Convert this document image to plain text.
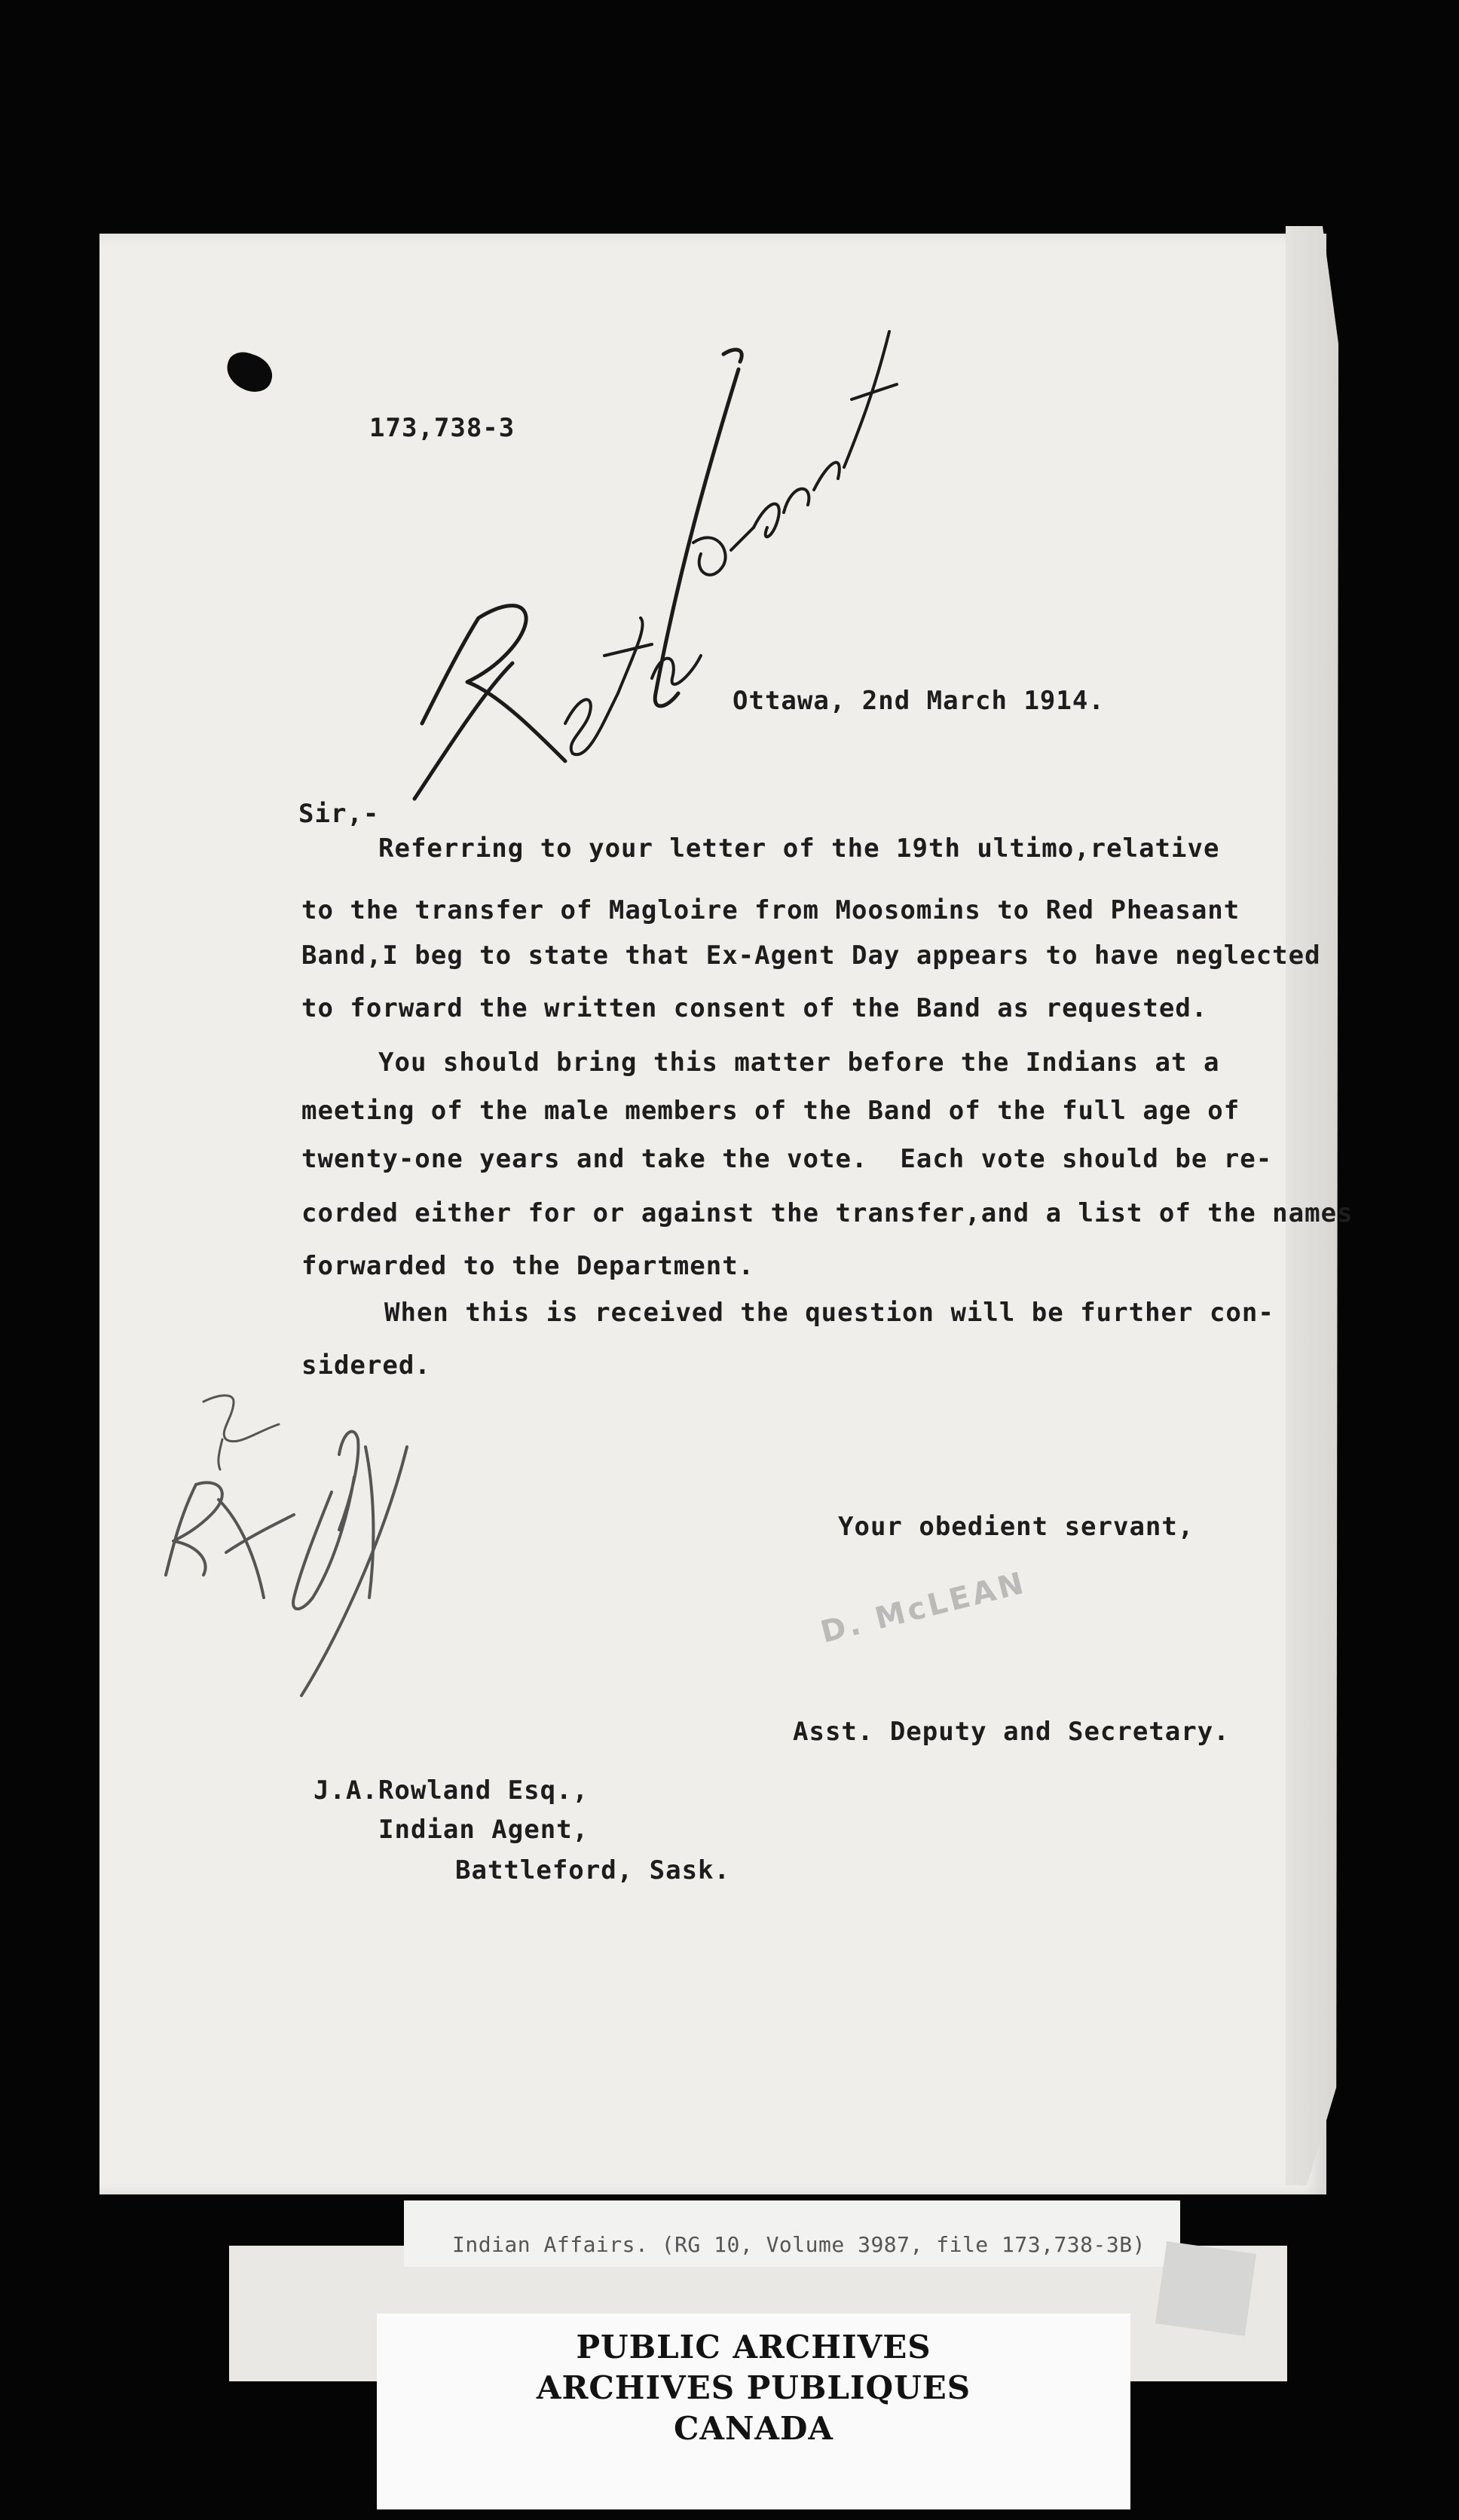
173,738-3
Ottawa, 2nd March 1914.
Sir,-
Referring to your letter of the 19th ultimo,relative
to the transfer of Magloire from Moosomins to Red Pheasant
Band,I beg to state that Ex-Agent Day appears to have neglected
to forward the written consent of the Band as requested.
You should bring this matter before the Indians at a
meeting of the male members of the Band of the full age of
twenty-one years and take the vote.  Each vote should be re-
corded either for or against the transfer,and a list of the names
forwarded to the Department.
When this is received the question will be further con-
sidered.
Your obedient servant,
D. McLEAN
Asst. Deputy and Secretary.
J.A.Rowland Esq.,
Indian Agent,
Battleford, Sask.
Indian Affairs. (RG 10, Volume 3987, file 173,738-3B)
PUBLIC ARCHIVES
ARCHIVES PUBLIQUES
CANADA
